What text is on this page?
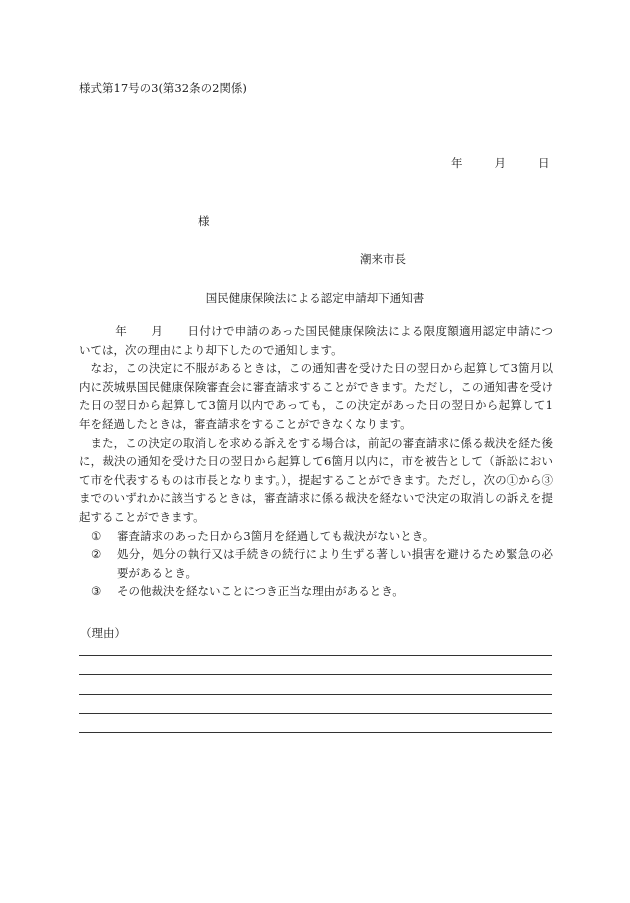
様式第17号の3(第32条の2関係)
年	月	日
様
潮来市長
国民健康保険法による認定申請却下通知書

年 月 日付けで申請のあった国民健康保険法による限度額適用認定申請については，次の理由により却下したので通知します。

なお，この決定に不服があるときは，この通知書を受けた日の翌日から起算して3箇月以内に茨城県国民健康保険審査会に審査請求することができます。ただし，この通知書を受けた日の翌日から起算して3箇月以内であっても，この決定があった日の翌日から起算して1年を経過したときは，審査請求をすることができなくなります。

また，この決定の取消しを求める訴えをする場合は，前記の審査請求に係る裁決を経た後に，裁決の通知を受けた日の翌日から起算して6箇月以内に，市を被告として（訴訟において市を代表するものは市長となります。），提起することができます。ただし，次の①から③までのいずれかに該当するときは，審査請求に係る裁決を経ないで決定の取消しの訴えを提起することができます。

① 審査請求のあった日から3箇月を経過しても裁決がないとき。

② 処分，処分の執行又は手続きの続行により生ずる著しい損害を避けるため緊急の必要があるとき。

③ その他裁決を経ないことにつき正当な理由があるとき。

（理由）
